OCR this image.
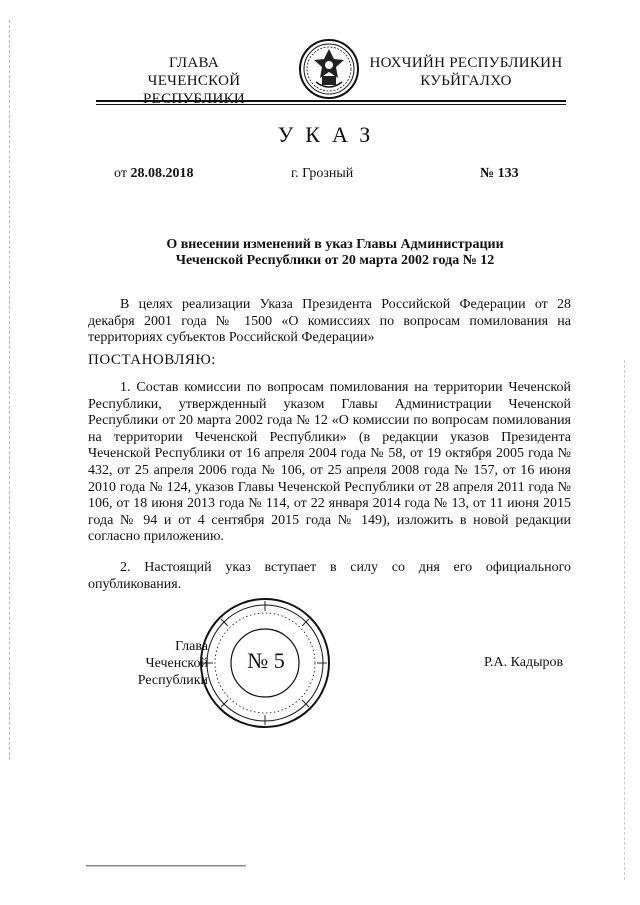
ГЛАВА
ЧЕЧЕНСКОЙ РЕСПУБЛИКИ
НОХЧИЙН РЕСПУБЛИКИН
КУЬЙГАЛХО
УКАЗ
от 28.08.2018	г. Грозный	№ 133
О внесении изменений в указ Главы Администрации
Чеченской Республики от 20 марта 2002 года № 12
В целях реализации Указа Президента Российской Федерации от 28 декабря 2001 года № 1500 «О комиссиях по вопросам помилования на территориях субъектов Российской Федерации»
ПОСТАНОВЛЯЮ:
1. Состав комиссии по вопросам помилования на территории Чеченской Республики, утвержденный указом Главы Администрации Чеченской Республики от 20 марта 2002 года № 12 «О комиссии по вопросам помилования на территории Чеченской Республики» (в редакции указов Президента Чеченской Республики от 16 апреля 2004 года № 58, от 19 октября 2005 года № 432, от 25 апреля 2006 года № 106, от 25 апреля 2008 года № 157, от 16 июня 2010 года № 124, указов Главы Чеченской Республики от 28 апреля 2011 года № 106, от 18 июня 2013 года № 114, от 22 января 2014 года № 13, от 11 июня 2015 года № 94 и от 4 сентября 2015 года № 149), изложить в новой редакции согласно приложению.
2. Настоящий указ вступает в силу со дня его официального опубликования.
Глава
Чеченской Республики
№ 5	Р.А. Кадыров
